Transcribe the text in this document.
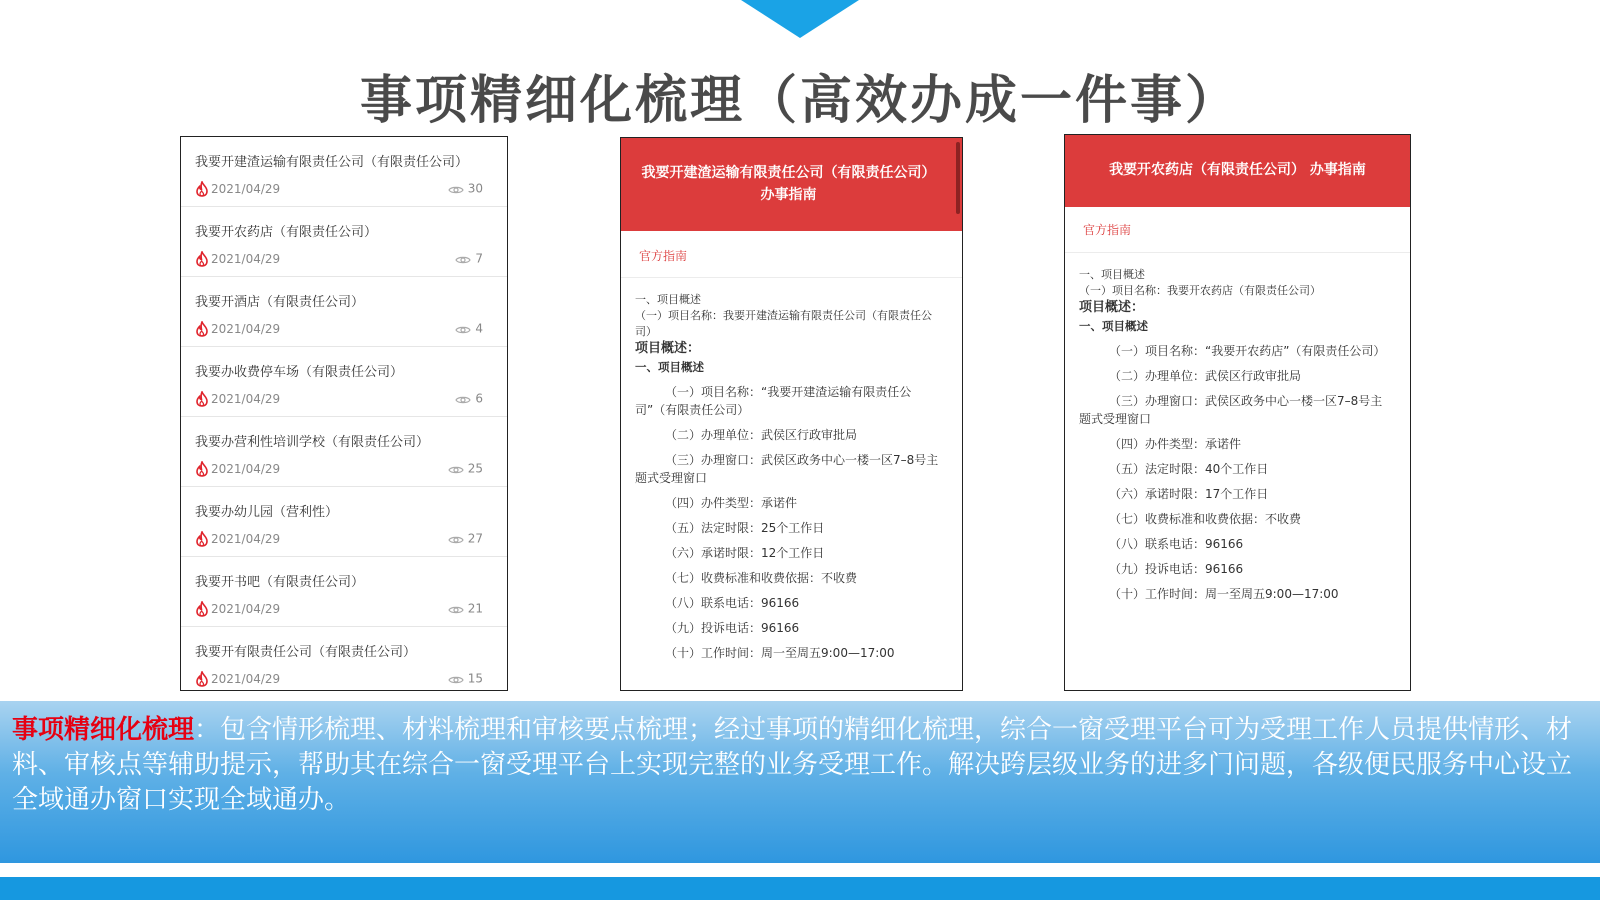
事项精细化梳理（高效办成一件事）
我要开建渣运输有限责任公司（有限责任公司）
2021/04/29	30
我要开农药店（有限责任公司）
2021/04/29	7
我要开酒店（有限责任公司）
2021/04/29	4
我要办收费停车场（有限责任公司）
2021/04/29	6
我要办营利性培训学校（有限责任公司）
2021/04/29	25
我要办幼儿园（营利性）
2021/04/29	27
我要开书吧（有限责任公司）
2021/04/29	21
我要开有限责任公司（有限责任公司）
2021/04/29	15
我要开建渣运输有限责任公司（有限责任公司）
办事指南
官方指南
一、项目概述
（一）项目名称：我要开建渣运输有限责任公司（有限责任公司）
项目概述：
一、项目概述
（一）项目名称：“我要开建渣运输有限责任公司”（有限责任公司）
（二）办理单位：武侯区行政审批局
（三）办理窗口：武侯区政务中心一楼一区7–8号主题式受理窗口
（四）办件类型：承诺件
（五）法定时限：25个工作日
（六）承诺时限：12个工作日
（七）收费标准和收费依据：不收费
（八）联系电话：96166
（九）投诉电话：96166
（十）工作时间：周一至周五9:00—17:00
我要开农药店（有限责任公司） 办事指南
官方指南
一、项目概述
（一）项目名称：我要开农药店（有限责任公司）
项目概述：
一、项目概述
（一）项目名称：“我要开农药店”（有限责任公司）
（二）办理单位：武侯区行政审批局
（三）办理窗口：武侯区政务中心一楼一区7–8号主题式受理窗口
（四）办件类型：承诺件
（五）法定时限：40个工作日
（六）承诺时限：17个工作日
（七）收费标准和收费依据：不收费
（八）联系电话：96166
（九）投诉电话：96166
（十）工作时间：周一至周五9:00—17:00

事项精细化梳理：包含情形梳理、材料梳理和审核要点梳理；经过事项的精细化梳理，综合一窗受理平台可为受理工作人员提供情形、材料、审核点等辅助提示，帮助其在综合一窗受理平台上实现完整的业务受理工作。解决跨层级业务的进多门问题，各级便民服务中心设立全域通办窗口实现全域通办。
